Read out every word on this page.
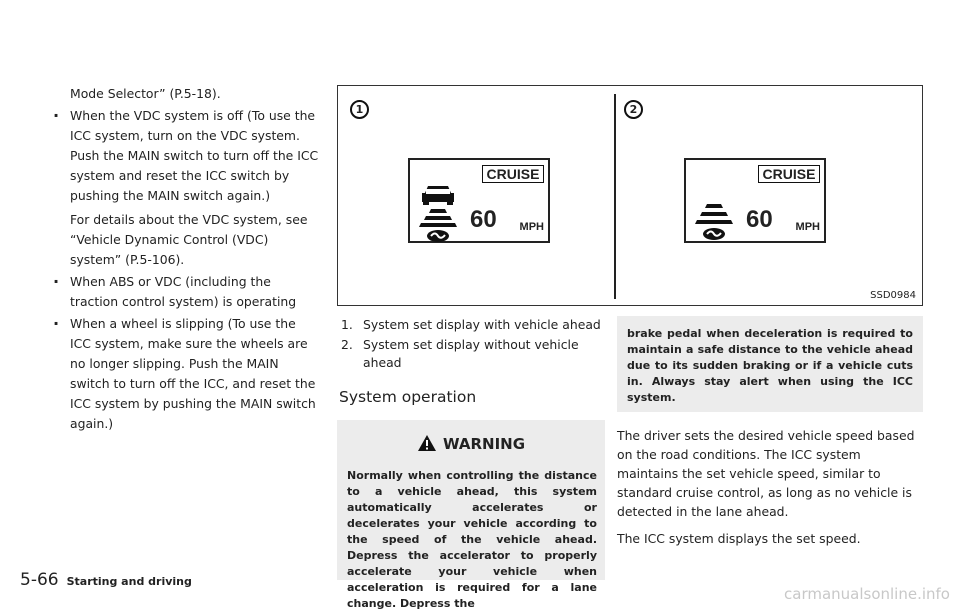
Mode Selector” (P.5-18).

. When the VDC system is off (To use the ICC system, turn on the VDC system. Push the MAIN switch to turn off the ICC system and reset the ICC switch by pushing the MAIN switch again.)

For details about the VDC system, see “Vehicle Dynamic Control (VDC) system” (P.5-106).

. When ABS or VDC (including the traction control system) is operating

. When a wheel is slipping (To use the ICC system, make sure the wheels are no longer slipping. Push the MAIN switch to turn off the ICC, and reset the ICC system by pushing the MAIN switch again.)

1	2
CRUISE
60 MPH
CRUISE
60 MPH
SSD0984

1. System set display with vehicle ahead

2. System set display without vehicle ahead

System operation
WARNING
Normally when controlling the distance to a vehicle ahead, this system automatically accelerates or decelerates your vehicle according to the speed of the vehicle ahead. Depress the accelerator to properly accelerate your vehicle when acceleration is required for a lane change. Depress the
brake pedal when deceleration is required to maintain a safe distance to the vehicle ahead due to its sudden braking or if a vehicle cuts in. Always stay alert when using the ICC system.

The driver sets the desired vehicle speed based on the road conditions. The ICC system maintains the set vehicle speed, similar to standard cruise control, as long as no vehicle is detected in the lane ahead.

The ICC system displays the set speed.

5-66 Starting and driving
carmanualsonline.info
